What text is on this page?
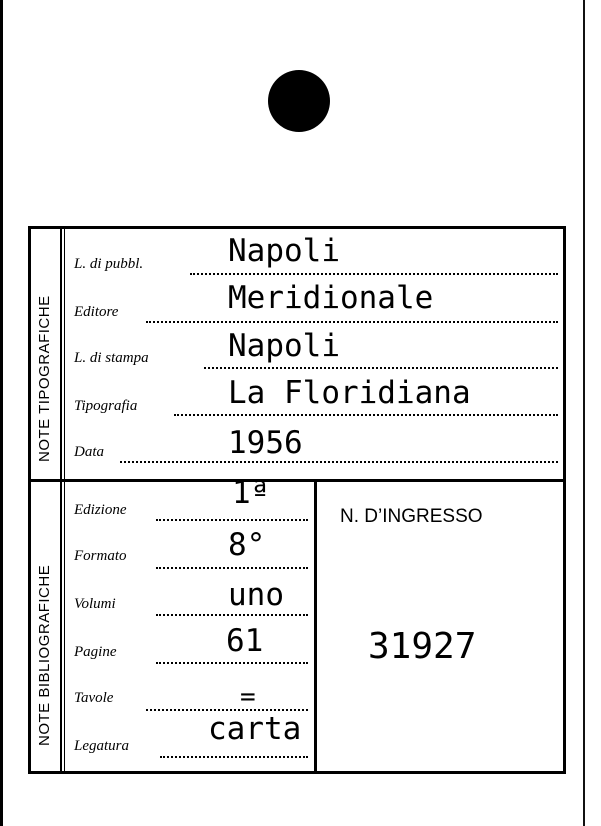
NOTE TIPOGRAFICHE
NOTE BIBLIOGRAFICHE
L. di pubbl.	Napoli
Editore	Meridionale
L. di stampa	Napoli
Tipografia	La Floridiana
Data	1956
Edizione	1ª
Formato	8°
Volumi	uno
Pagine	61
Tavole	=
Legatura	carta
N. D’INGRESSO
31927
